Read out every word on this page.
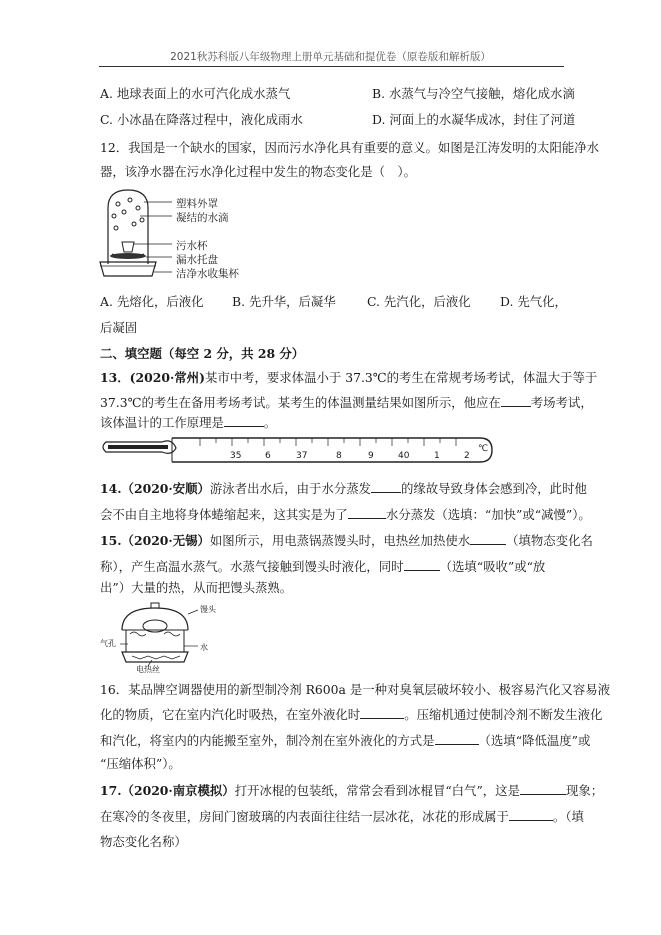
2021秋苏科版八年级物理上册单元基础和提优卷（原卷版和解析版）
A. 地球表面上的水可汽化成水蒸气	B. 水蒸气与冷空气接触，熔化成水滴
C. 小冰晶在降落过程中，液化成雨水	D. 河面上的水凝华成冰，封住了河道
12．我国是一个缺水的国家，因而污水净化具有重要的意义。如图是江涛发明的太阳能净水
器，该净水器在污水净化过程中发生的物态变化是（　）。
塑料外罩
凝结的水滴
污水杯
漏水托盘
洁净水收集杯
A. 先熔化，后液化 B. 先升华，后凝华	C. 先汽化，后液化 D. 先气化，
后凝固
二、填空题（每空 2 分，共 28 分）
13．(2020·常州)某市中考，要求体温小于 37.3℃的考生在常规考场考试，体温大于等于
37.3℃的考生在备用考场考试。某考生的体温测量结果如图所示，他应在 考场考试，
该体温计的工作原理是	。
35	6	37	8	9	40	1	2
℃
14.（2020·安顺）游泳者出水后，由于水分蒸发 的缘故导致身体会感到冷，此时他
会不由自主地将身体蜷缩起来，这其实是为了	水分蒸发（选填：“加快”或“减慢”）。
15.（2020·无锡）如图所示，用电蒸锅蒸馒头时，电热丝加热使水	（填物态变化名
称），产生高温水蒸气。水蒸气接触到馒头时液化，同时	（选填“吸收”或“放
出”）大量的热，从而把馒头蒸熟。
馒头
气孔	水
电热丝
16．某品牌空调器使用的新型制冷剂 R600a 是一种对臭氧层破坏较小、极容易汽化又容易液
化的物质，它在室内汽化时吸热，在室外液化时	。压缩机通过使制冷剂不断发生液化
和汽化，将室内的内能搬至室外，制冷剂在室外液化的方式是	（选填“降低温度”或
“压缩体积”）。
17.（2020·南京模拟）打开冰棍的包装纸，常常会看到冰棍冒“白气”，这是	现象；
在寒冷的冬夜里，房间门窗玻璃的内表面往往结一层冰花，冰花的形成属于	。（填
物态变化名称）
